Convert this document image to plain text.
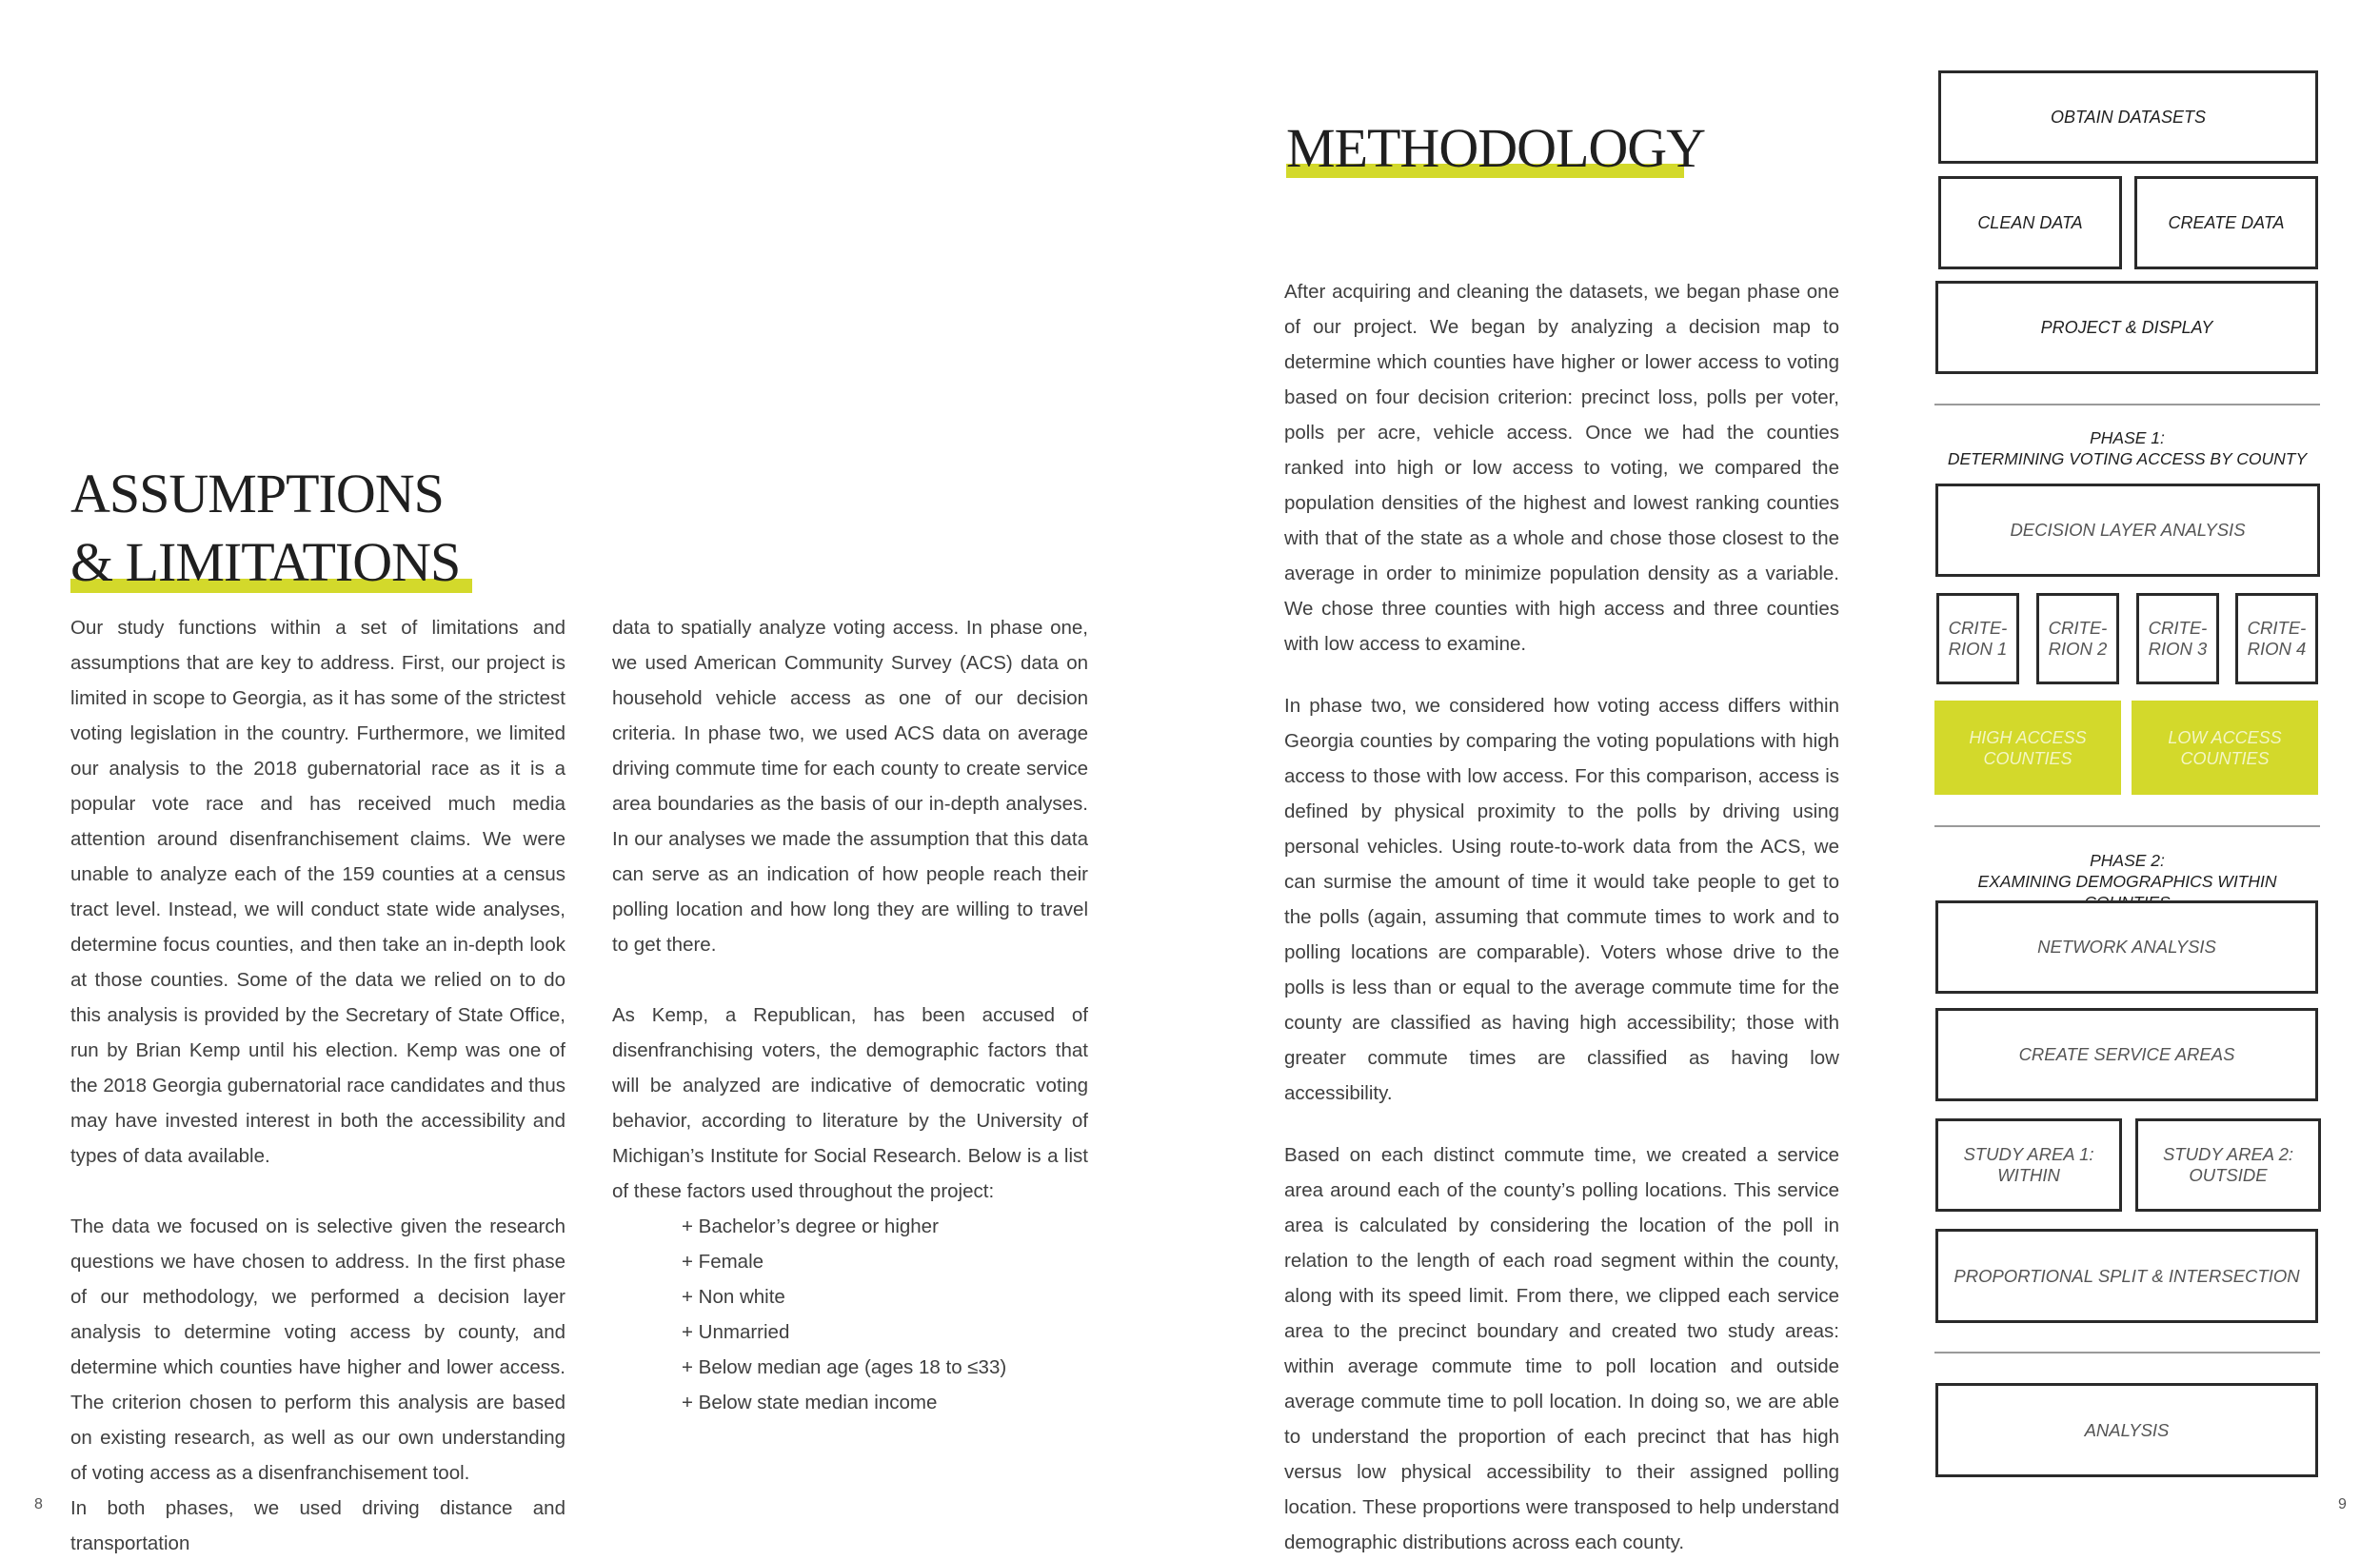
ASSUMPTIONS
& LIMITATIONS

Our study functions within a set of limitations and assumptions that are key to address. First, our project is limited in scope to Georgia, as it has some of the strictest voting legislation in the country. Furthermore, we limited our analysis to the 2018 gubernatorial race as it is a popular vote race and has received much media attention around disenfranchisement claims. We were unable to analyze each of the 159 counties at a census tract level. Instead, we will conduct state wide analyses, determine focus counties, and then take an in-depth look at those counties. Some of the data we relied on to do this analysis is provided by the Secretary of State Office, run by Brian Kemp until his election. Kemp was one of the 2018 Georgia gubernatorial race candidates and thus may have invested interest in both the accessibility and types of data available.

The data we focused on is selective given the research questions we have chosen to address. In the first phase of our methodology, we performed a decision layer analysis to determine voting access by county, and determine which counties have higher and lower access. The criterion chosen to perform this analysis are based on existing research, as well as our own understanding of voting access as a disenfranchisement tool.

In both phases, we used driving distance and transportation

data to spatially analyze voting access. In phase one, we used American Community Survey (ACS) data on household vehicle access as one of our decision criteria. In phase two, we used ACS data on average driving commute time for each county to create service area boundaries as the basis of our in-depth analyses. In our analyses we made the assumption that this data can serve as an indication of how people reach their polling location and how long they are willing to travel to get there.

As Kemp, a Republican, has been accused of disenfranchising voters, the demographic factors that will be analyzed are indicative of democratic voting behavior, according to literature by the University of Michigan’s Institute for Social Research. Below is a list of these factors used throughout the project:

+ Bachelor’s degree or higher
+ Female
+ Non white
+ Unmarried
+ Below median age (ages 18 to ≤33)
+ Below state median income
8
METHODOLOGY

After acquiring and cleaning the datasets, we began phase one of our project. We began by analyzing a decision map to determine which counties have higher or lower access to voting based on four decision criterion: precinct loss, polls per voter, polls per acre, vehicle access. Once we had the counties ranked into high or low access to voting, we compared the population densities of the highest and lowest ranking counties with that of the state as a whole and chose those closest to the average in order to minimize population density as a variable. We chose three counties with high access and three counties with low access to examine.

In phase two, we considered how voting access differs within Georgia counties by comparing the voting populations with high access to those with low access. For this comparison, access is defined by physical proximity to the polls by driving using personal vehicles. Using route-to-work data from the ACS, we can surmise the amount of time it would take people to get to the polls (again, assuming that commute times to work and to polling locations are comparable). Voters whose drive to the polls is less than or equal to the average commute time for the county are classified as having high accessibility; those with greater commute times are classified as having low accessibility.

Based on each distinct commute time, we created a service area around each of the county’s polling locations. This service area is calculated by considering the location of the poll in relation to the length of each road segment within the county, along with its speed limit. From there, we clipped each service area to the precinct boundary and created two study areas: within average commute time to poll location and outside average commute time to poll location. In doing so, we are able to understand the proportion of each precinct that has high versus low physical accessibility to their assigned polling location. These proportions were transposed to help understand demographic distributions across each county.

9
OBTAIN DATASETS
CLEAN DATA	CREATE DATA
PROJECT & DISPLAY
PHASE 1:
DETERMINING VOTING ACCESS BY COUNTY
DECISION LAYER ANALYSIS
CRITE-
RION 1
CRITE-
RION 2
CRITE-
RION 3
CRITE-
RION 4
HIGH ACCESS
COUNTIES
LOW ACCESS
COUNTIES
PHASE 2:
EXAMINING DEMOGRAPHICS WITHIN
NETWORK ANALYSIS
CREATE SERVICE AREAS
STUDY AREA 1:
WITHIN
STUDY AREA 2:
OUTSIDE
PROPORTIONAL SPLIT & INTERSECTION
ANALYSIS
